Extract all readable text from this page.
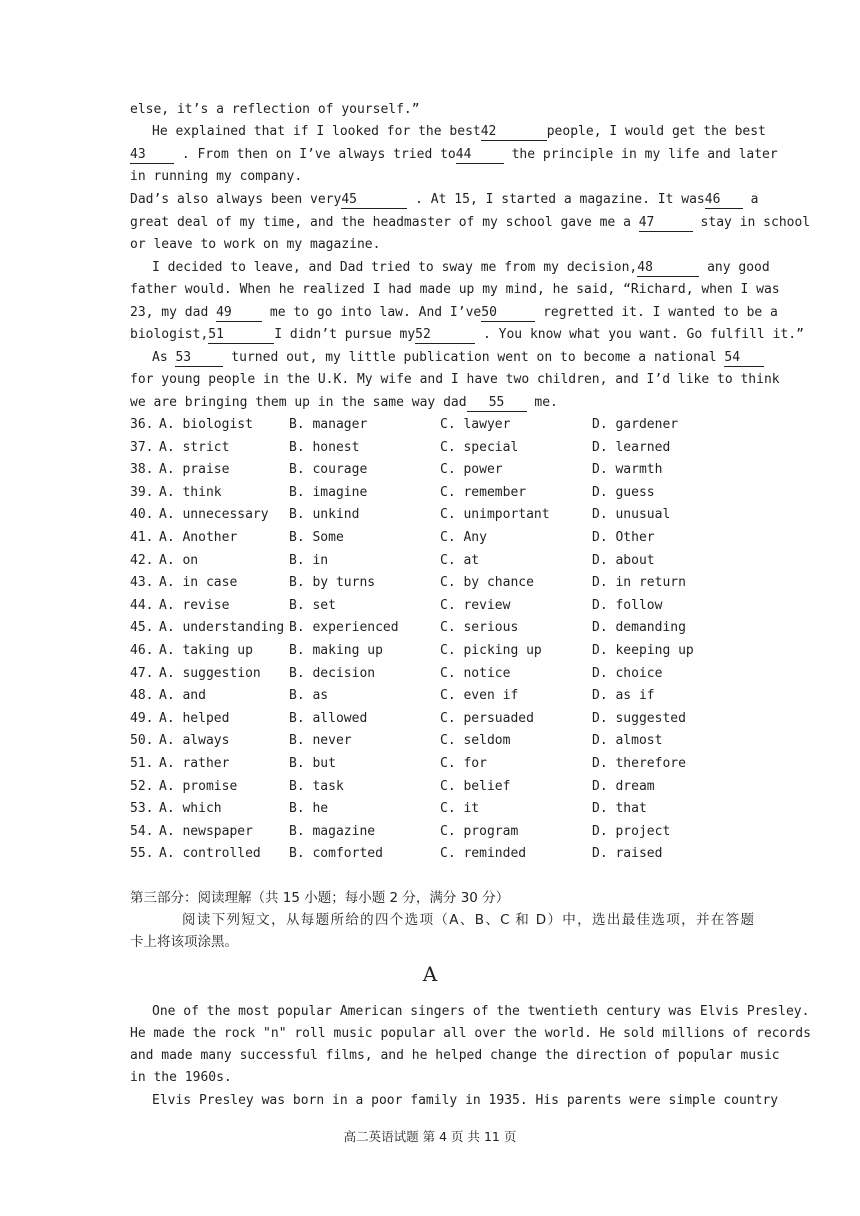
else, it’s a reflection of yourself.”
He explained that if I looked for the best42	people, I would get the best
43 . From then on I’ve always tried to44 the principle in my life and later
in running my company.
Dad’s also always been very45	. At 15, I started a magazine. It was46 a
great deal of my time, and the headmaster of my school gave me a 47	stay in school
or leave to work on my magazine.
I decided to leave, and Dad tried to sway me from my decision,48	any good
father would. When he realized I had made up my mind, he said, “Richard, when I was
23, my dad 49 me to go into law. And I’ve50	regretted it. I wanted to be a
biologist,51	I didn’t pursue my52	. You know what you want. Go fulfill it.”
As 53 turned out, my little publication went on to become a national 54
for young people in the U.K. My wife and I have two children, and I’d like to think
we are bringing them up in the same way dad 55 me.
36. A. biologist	B. manager	C. lawyer	D. gardener
37. A. strict	B. honest	C. special	D. learned
38. A. praise	B. courage	C. power	D. warmth
39. A. think	B. imagine	C. remember	D. guess
40. A. unnecessary B. unkind	C. unimportant	D. unusual
41. A. Another	B. Some	C. Any	D. Other
42. A. on	B. in	C. at	D. about
43. A. in case	B. by turns	C. by chance	D. in return
44. A. revise	B. set	C. review	D. follow
45. A. understanding B. experienced	C. serious	D. demanding
46. A. taking up	B. making up	C. picking up	D. keeping up
47. A. suggestion B. decision	C. notice	D. choice
48. A. and	B. as	C. even if	D. as if
49. A. helped	B. allowed	C. persuaded	D. suggested
50. A. always	B. never	C. seldom	D. almost
51. A. rather	B. but	C. for	D. therefore
52. A. promise	B. task	C. belief	D. dream
53. A. which	B. he	C. it	D. that
54. A. newspaper	B. magazine	C. program	D. project
55. A. controlled B. comforted	C. reminded	D. raised
第三部分：阅读理解（共 15 小题；每小题 2 分，满分 30 分）
阅读下列短文，从每题所给的四个选项（A、B、C 和 D）中，选出最佳选项，并在答题
卡上将该项涂黑。
A
One of the most popular American singers of the twentieth century was Elvis Presley.
He made the rock "n" roll music popular all over the world. He sold millions of records
and made many successful films, and he helped change the direction of popular music
in the 1960s.
Elvis Presley was born in a poor family in 1935. His parents were simple country
高二英语试题 第 4 页 共 11 页
